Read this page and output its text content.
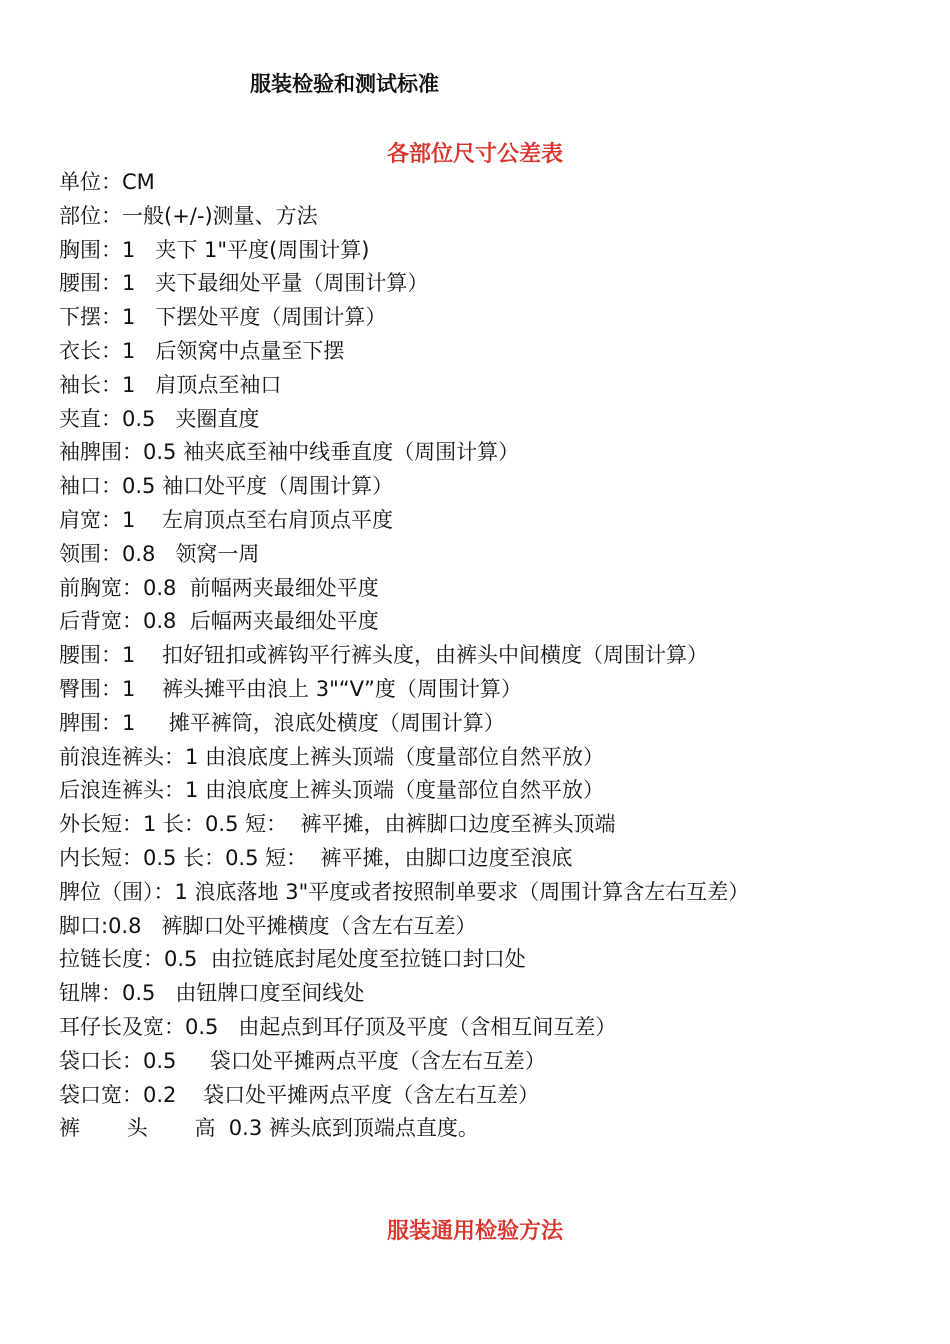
服装检验和测试标准
各部位尺寸公差表
单位：CM
部位：一般(+/-)测量、方法
胸围：1   夹下 1"平度(周围计算)
腰围：1   夹下最细处平量（周围计算）
下摆：1   下摆处平度（周围计算）
衣长：1   后领窝中点量至下摆
袖长：1   肩顶点至袖口
夹直：0.5   夹圈直度
袖脾围：0.5 袖夹底至袖中线垂直度（周围计算）
袖口：0.5 袖口处平度（周围计算）
肩宽：1    左肩顶点至右肩顶点平度
领围：0.8   领窝一周
前胸宽：0.8  前幅两夹最细处平度
后背宽：0.8  后幅两夹最细处平度
腰围：1    扣好钮扣或裤钩平行裤头度，由裤头中间横度（周围计算）
臀围：1    裤头摊平由浪上 3"“V”度（周围计算）
脾围：1     摊平裤筒，浪底处横度（周围计算）
前浪连裤头：1 由浪底度上裤头顶端（度量部位自然平放）
后浪连裤头：1 由浪底度上裤头顶端（度量部位自然平放）
外长短：1 长：0.5 短：  裤平摊，由裤脚口边度至裤头顶端
内长短：0.5 长：0.5 短：  裤平摊，由脚口边度至浪底
脾位（围）：1 浪底落地 3"平度或者按照制单要求（周围计算含左右互差）
脚口:0.8   裤脚口处平摊横度（含左右互差）
拉链长度：0.5  由拉链底封尾处度至拉链口封口处
钮牌：0.5   由钮牌口度至间线处
耳仔长及宽：0.5   由起点到耳仔顶及平度（含相互间互差）
袋口长：0.5     袋口处平摊两点平度（含左右互差）
袋口宽：0.2    袋口处平摊两点平度（含左右互差）
裤       头       高  0.3 裤头底到顶端点直度。
服装通用检验方法
